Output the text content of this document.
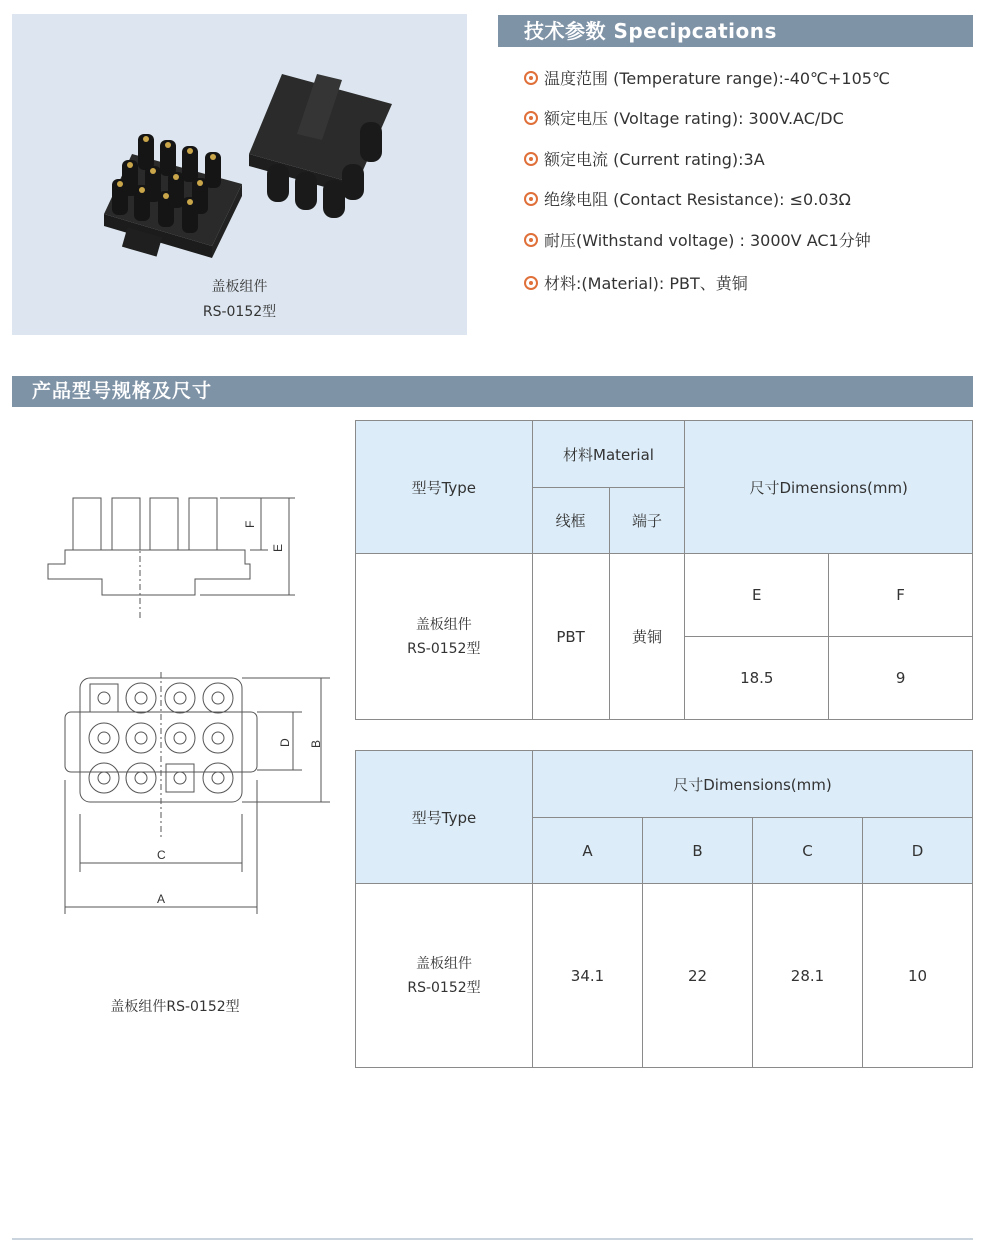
盖板组件
RS-0152型
技术参数 Specipcations
温度范围 (Temperature range):-40℃+105℃
额定电压 (Voltage rating): 300V.AC/DC
额定电流 (Current rating):3A
绝缘电阻 (Contact Resistance): ≤0.03Ω
耐压(Withstand voltage) : 3000V AC1分钟
材料:(Material): PBT、黄铜
产品型号规格及尺寸
F
E
D B
C
A
盖板组件RS-0152型
型号Type	材料Material		尺寸Dimensions(mm)	
	线框	端子		

盖板组件
RS-0152型	PBT	黄铜	E	F
			18.5	9
型号Type	尺寸Dimensions(mm)			
	A	B	C	D

盖板组件
RS-0152型	34.1	22	28.1	10
